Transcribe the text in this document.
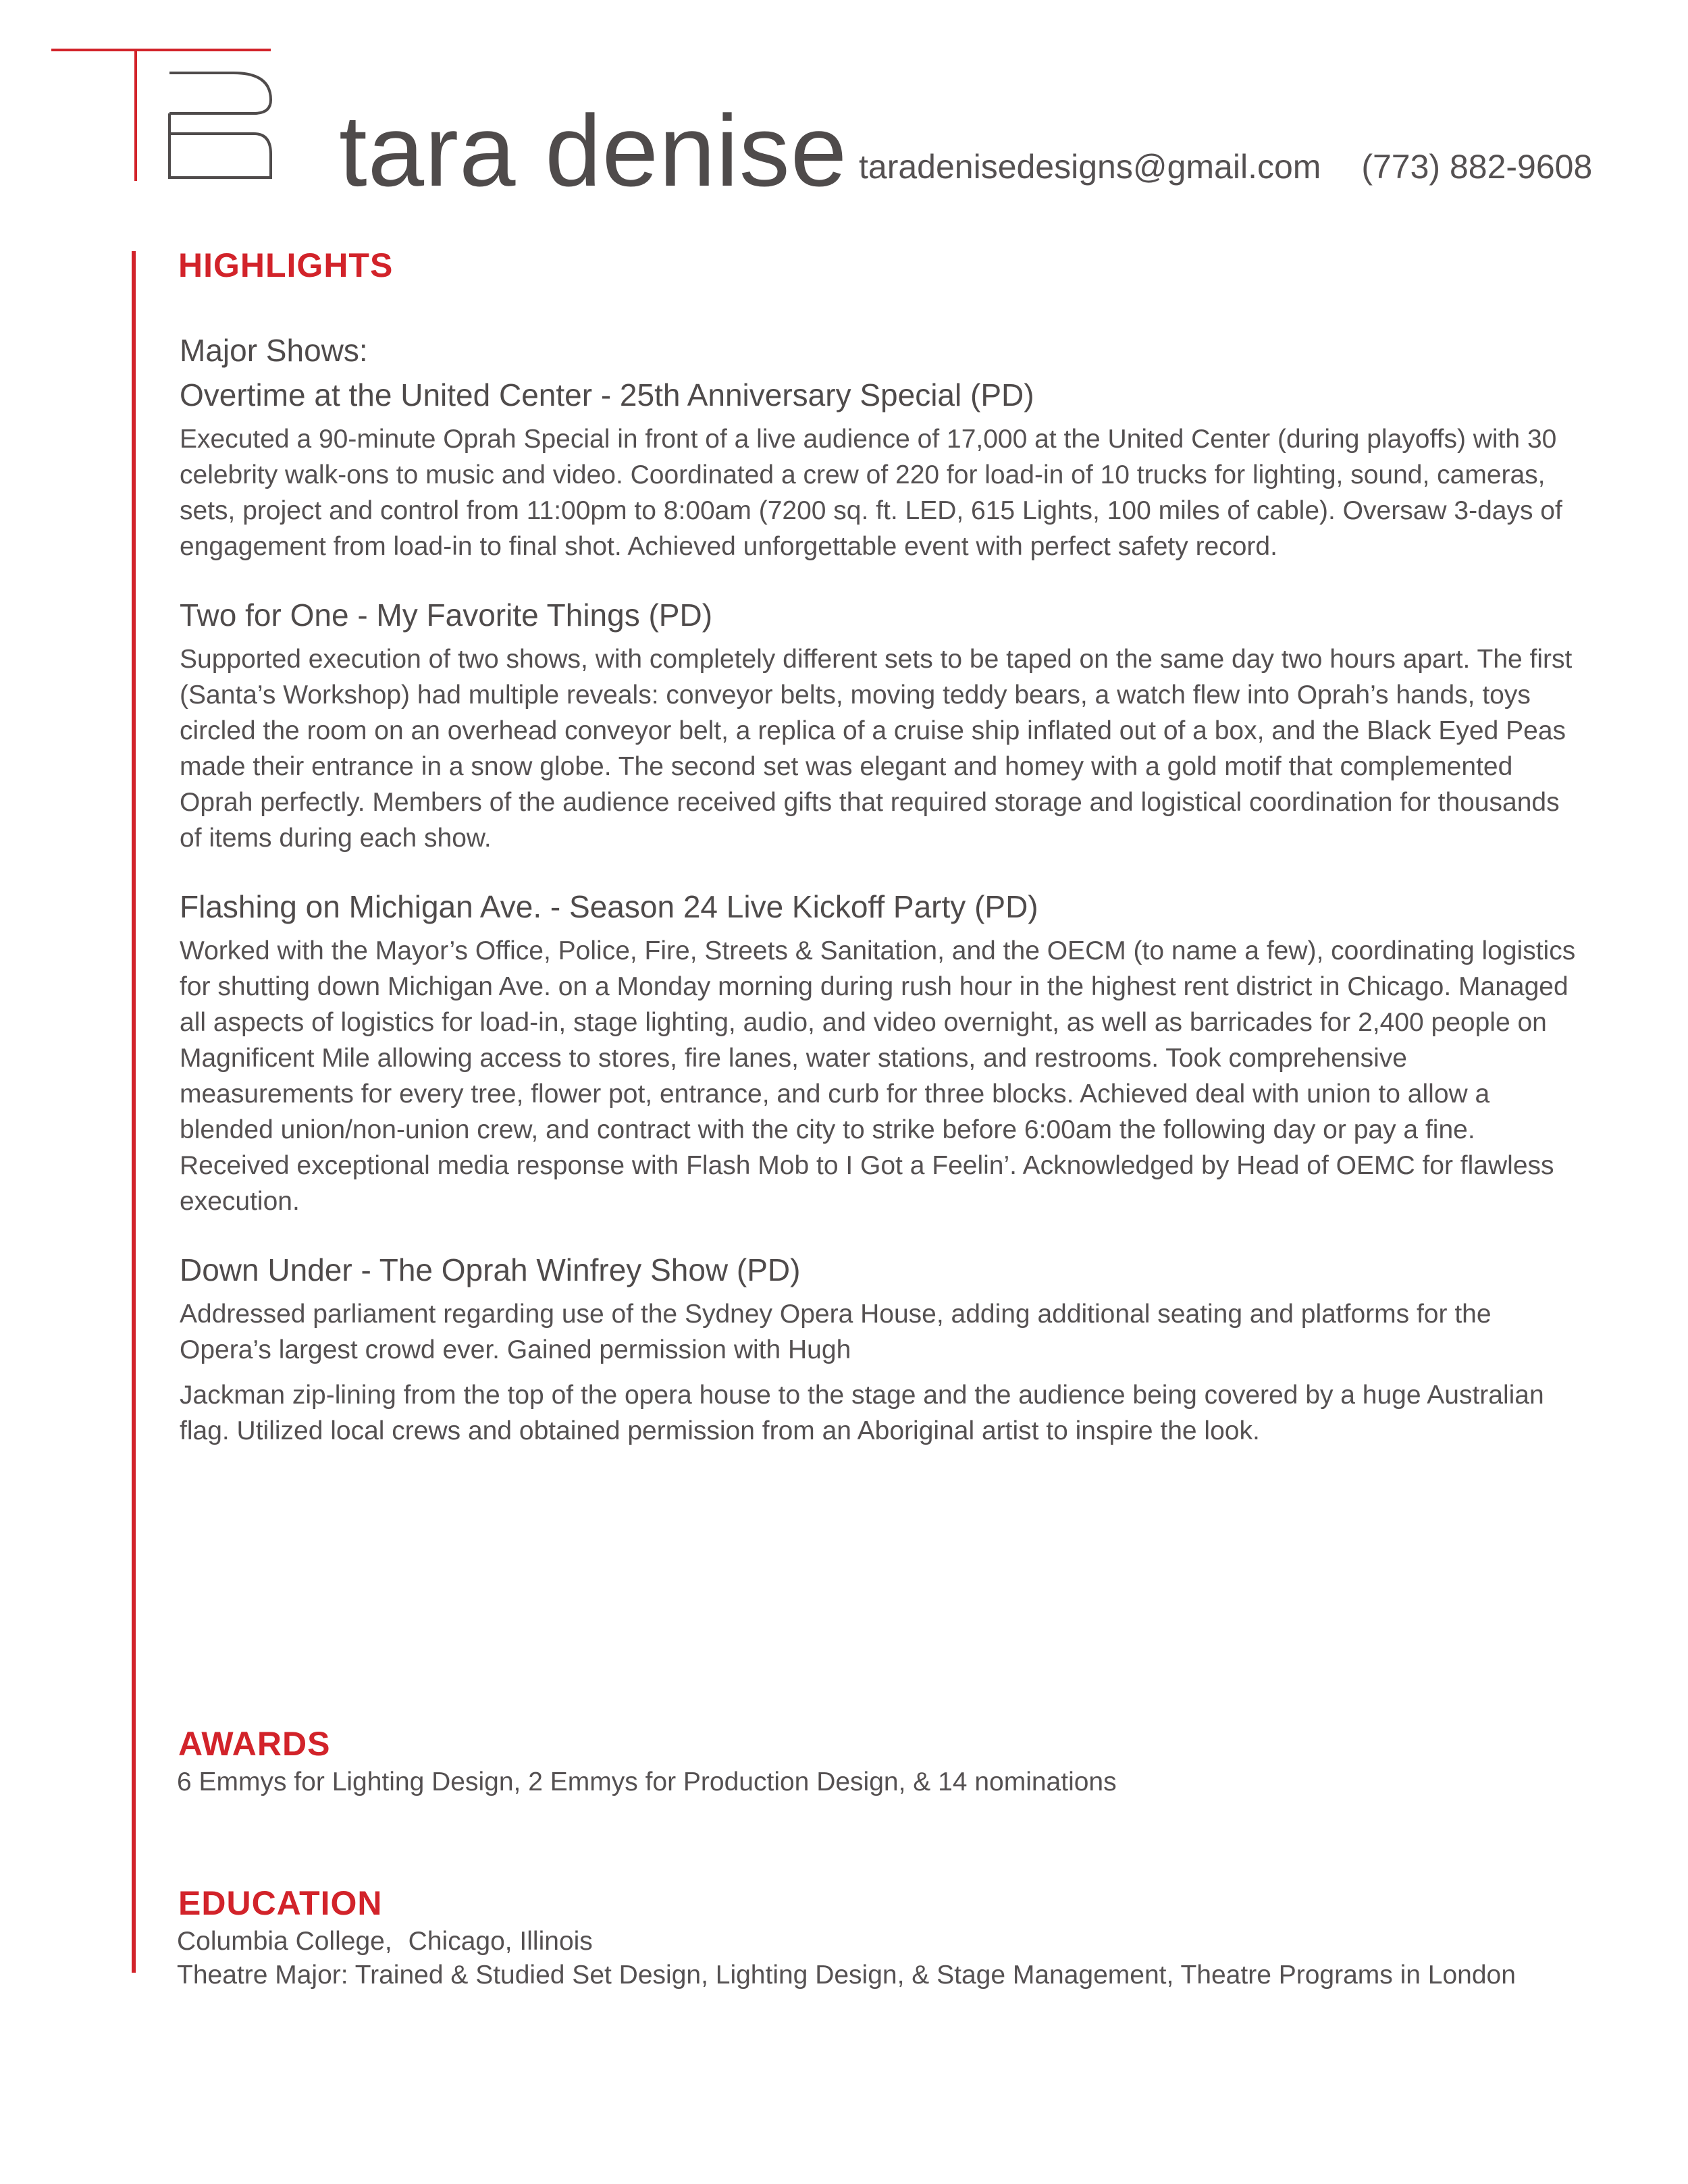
tara denise taradenisedesigns@gmail.com (773) 882-9608
HIGHLIGHTS

Major Shows:

Overtime at the United Center - 25th Anniversary Special (PD)

Executed a 90-minute Oprah Special in front of a live audience of 17,000 at the United Center (during playoffs) with 30 celebrity walk-ons to music and video. Coordinated a crew of 220 for load-in of 10 trucks for lighting, sound, cameras, sets, project and control from 11:00pm to 8:00am (7200 sq. ft. LED, 615 Lights, 100 miles of cable). Oversaw 3-days of engagement from load-in to final shot. Achieved unforgettable event with perfect safety record.

Two for One - My Favorite Things (PD)

Supported execution of two shows, with completely different sets to be taped on the same day two hours apart. The first (Santa’s Workshop) had multiple reveals: conveyor belts, moving teddy bears, a watch flew into Oprah’s hands, toys circled the room on an overhead conveyor belt, a replica of a cruise ship inflated out of a box, and the Black Eyed Peas made their entrance in a snow globe. The second set was elegant and homey with a gold motif that complemented Oprah perfectly. Members of the audience received gifts that required storage and logistical coordination for thousands of items during each show.

Flashing on Michigan Ave. - Season 24 Live Kickoff Party (PD)

Worked with the Mayor’s Office, Police, Fire, Streets & Sanitation, and the OECM (to name a few), coordinating logistics for shutting down Michigan Ave. on a Monday morning during rush hour in the highest rent district in Chicago. Managed all aspects of logistics for load-in, stage lighting, audio, and video overnight, as well as barricades for 2,400 people on Magnificent Mile allowing access to stores, fire lanes, water stations, and restrooms. Took comprehensive measurements for every tree, flower pot, entrance, and curb for three blocks. Achieved deal with union to allow a blended union/non-union crew, and contract with the city to strike before 6:00am the following day or pay a fine. Received exceptional media response with Flash Mob to I Got a Feelin’. Acknowledged by Head of OEMC for flawless execution.

Down Under - The Oprah Winfrey Show (PD)

Addressed parliament regarding use of the Sydney Opera House, adding additional seating and platforms for the Opera’s largest crowd ever. Gained permission with Hugh

Jackman zip-lining from the top of the opera house to the stage and the audience being covered by a huge Australian flag. Utilized local crews and obtained permission from an Aboriginal artist to inspire the look.

AWARDS
6 Emmys for Lighting Design, 2 Emmys for Production Design, & 14 nominations
EDUCATION
Columbia College, Chicago, Illinois
Theatre Major: Trained & Studied Set Design, Lighting Design, & Stage Management, Theatre Programs in London
